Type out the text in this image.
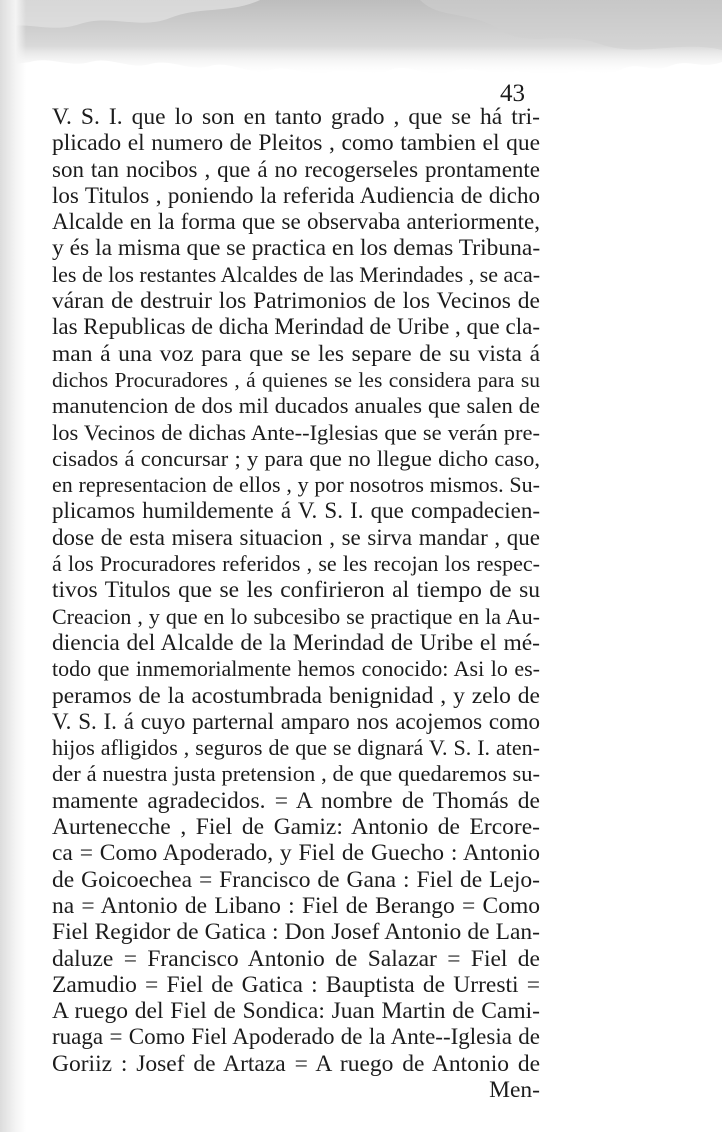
43
V. S. I. que lo son en tanto grado , que se há tri-
plicado el numero de Pleitos , como tambien el que
son tan nocibos , que á no recogerseles prontamente
los Titulos , poniendo la referida Audiencia de dicho
Alcalde en la forma que se observaba anteriormente,
y és la misma que se practica en los demas Tribuna-
les de los restantes Alcaldes de las Merindades , se aca-
váran de destruir los Patrimonios de los Vecinos de
las Republicas de dicha Merindad de Uribe , que cla-
man á una voz para que se les separe de su vista á
dichos Procuradores , á quienes se les considera para su
manutencion de dos mil ducados anuales que salen de
los Vecinos de dichas Ante--Iglesias que se verán pre-
cisados á concursar ; y para que no llegue dicho caso,
en representacion de ellos , y por nosotros mismos. Su-
plicamos humildemente á V. S. I. que compadecien-
dose de esta misera situacion , se sirva mandar , que
á los Procuradores referidos , se les recojan los respec-
tivos Titulos que se les confirieron al tiempo de su
Creacion , y que en lo subcesibo se practique en la Au-
diencia del Alcalde de la Merindad de Uribe el mé-
todo que inmemorialmente hemos conocido: Asi lo es-
peramos de la acostumbrada benignidad , y zelo de
V. S. I. á cuyo parternal amparo nos acojemos como
hijos afligidos , seguros de que se dignará V. S. I. aten-
der á nuestra justa pretension , de que quedaremos su-
mamente agradecidos. = A nombre de Thomás de
Aurtenecche , Fiel de Gamiz: Antonio de Ercore-
ca = Como Apoderado, y Fiel de Guecho : Antonio
de Goicoechea = Francisco de Gana : Fiel de Lejo-
na = Antonio de Libano : Fiel de Berango = Como
Fiel Regidor de Gatica : Don Josef Antonio de Lan-
daluze = Francisco Antonio de Salazar = Fiel de
Zamudio = Fiel de Gatica : Bauptista de Urresti =
A ruego del Fiel de Sondica: Juan Martin de Cami-
ruaga = Como Fiel Apoderado de la Ante--Iglesia de
Goriiz : Josef de Artaza = A ruego de Antonio de
Men-
